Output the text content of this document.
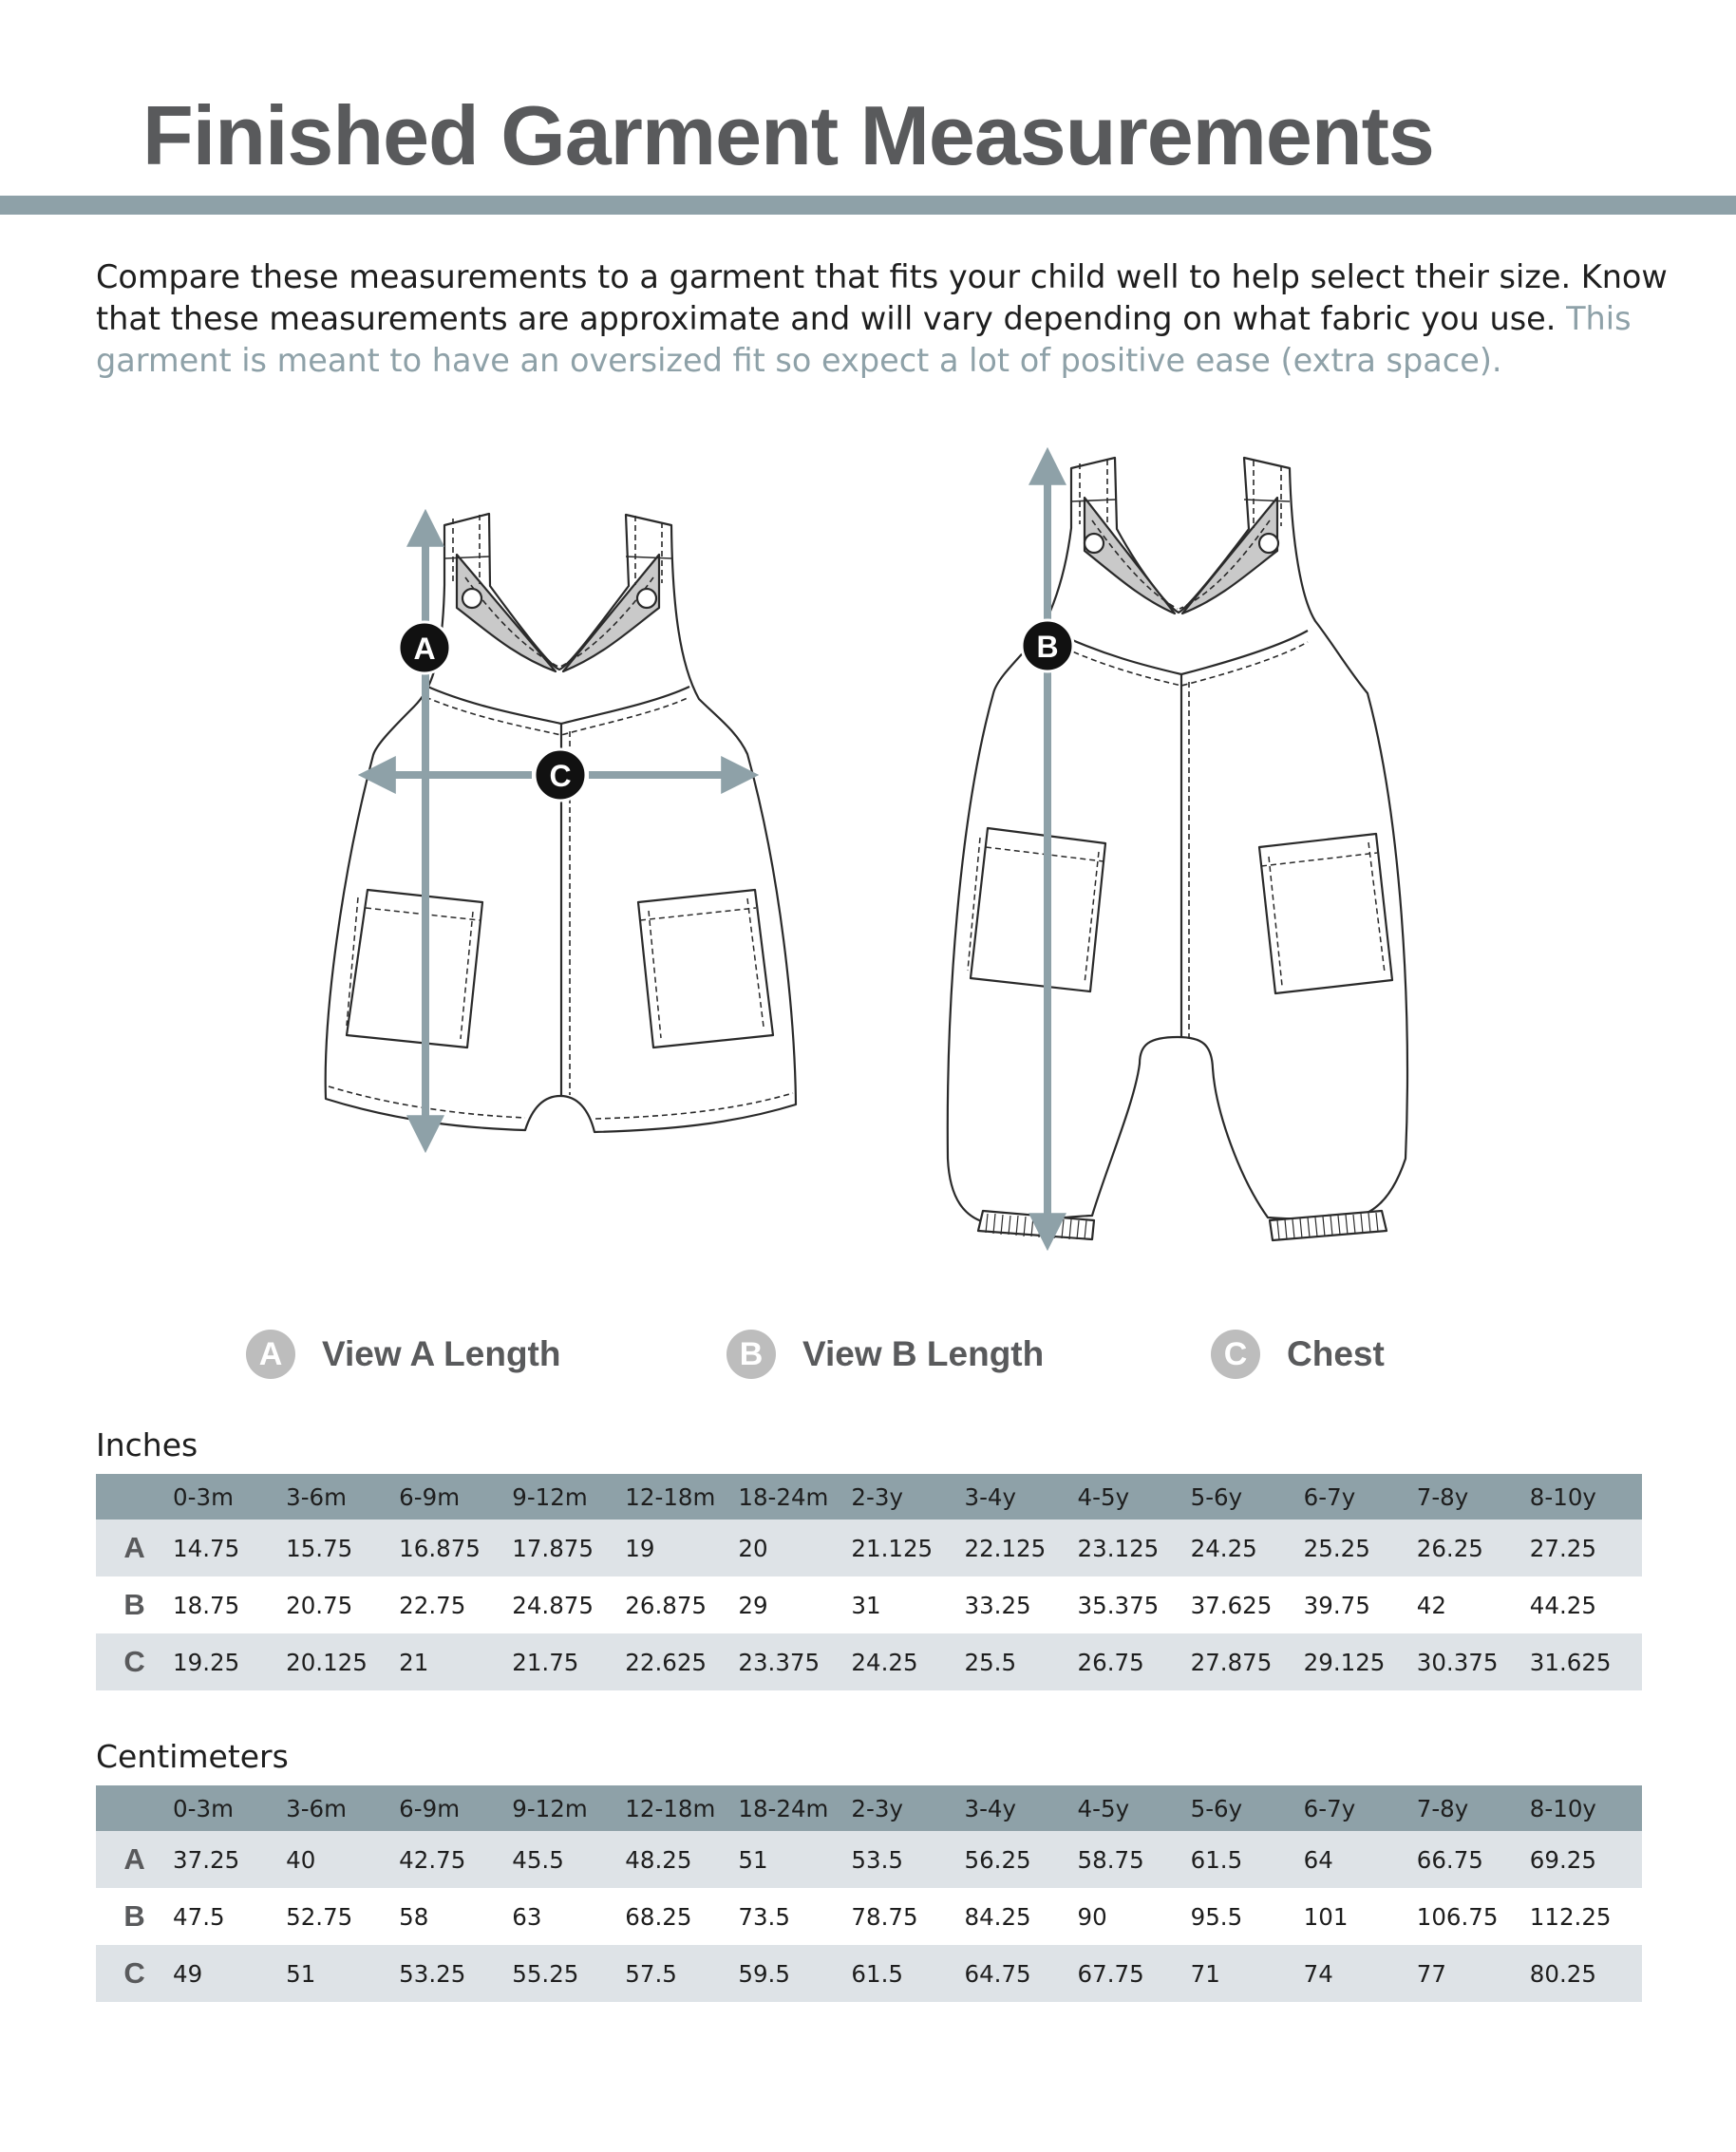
Finished Garment Measurements

Compare these measurements to a garment that fits your child well to help select their size. Know that these measurements are approximate and will vary depending on what fabric you use. This garment is meant to have an oversized fit so expect a lot of positive ease (extra space).

A
C
B
A	View A Length	B	View B Length	C	Chest
Inches
	0-3m	3-6m	6-9m	9-12m	12-18m	18-24m	2-3y	3-4y	4-5y	5-6y	6-7y	7-8y	8-10y
A	14.75	15.75	16.875	17.875	19	20	21.125	22.125	23.125	24.25	25.25	26.25	27.25
B	18.75	20.75	22.75	24.875	26.875	29	31	33.25	35.375	37.625	39.75	42	44.25
C	19.25	20.125	21	21.75	22.625	23.375	24.25	25.5	26.75	27.875	29.125	30.375	31.625
Centimeters
	0-3m	3-6m	6-9m	9-12m	12-18m	18-24m	2-3y	3-4y	4-5y	5-6y	6-7y	7-8y	8-10y
A	37.25	40	42.75	45.5	48.25	51	53.5	56.25	58.75	61.5	64	66.75	69.25
B	47.5	52.75	58	63	68.25	73.5	78.75	84.25	90	95.5	101	106.75	112.25
C	49	51	53.25	55.25	57.5	59.5	61.5	64.75	67.75	71	74	77	80.25
